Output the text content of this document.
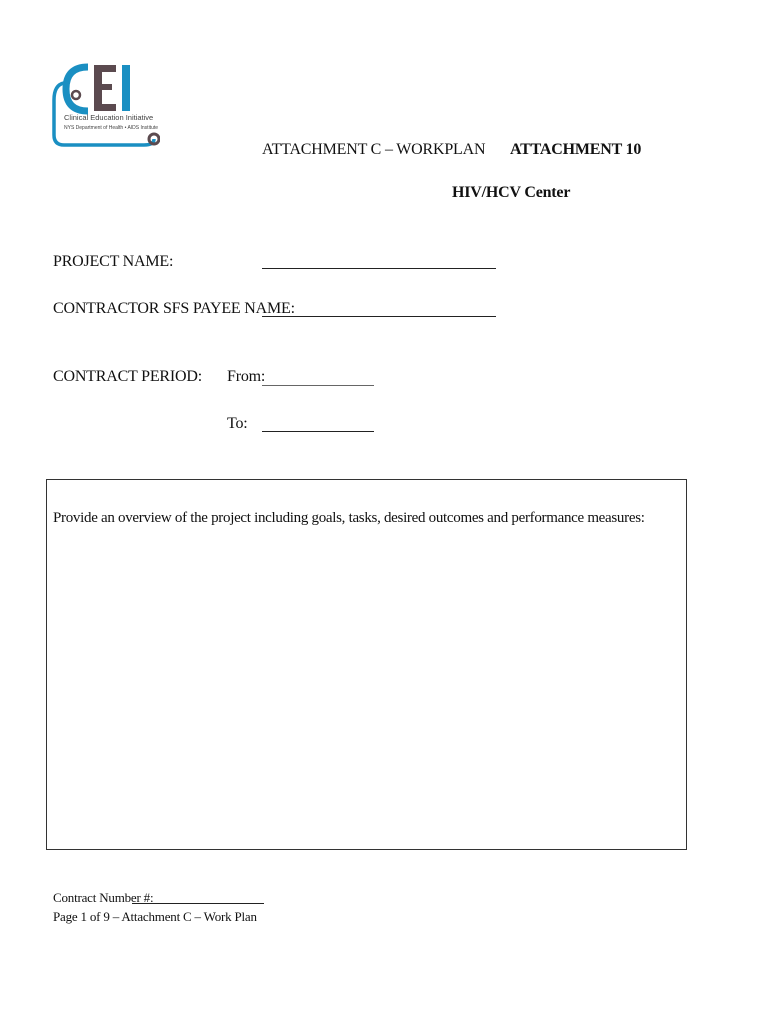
Clinical Education Initiative
NYS Department of Health • AIDS Institute
ATTACHMENT C – WORKPLAN ATTACHMENT 10
HIV/HCV Center
PROJECT NAME:
CONTRACTOR SFS PAYEE NAME:
CONTRACT PERIOD: From:
To:
Provide an overview of the project including goals, tasks, desired outcomes and performance measures:
Contract Number #:
Page 1 of 9 – Attachment C – Work Plan
